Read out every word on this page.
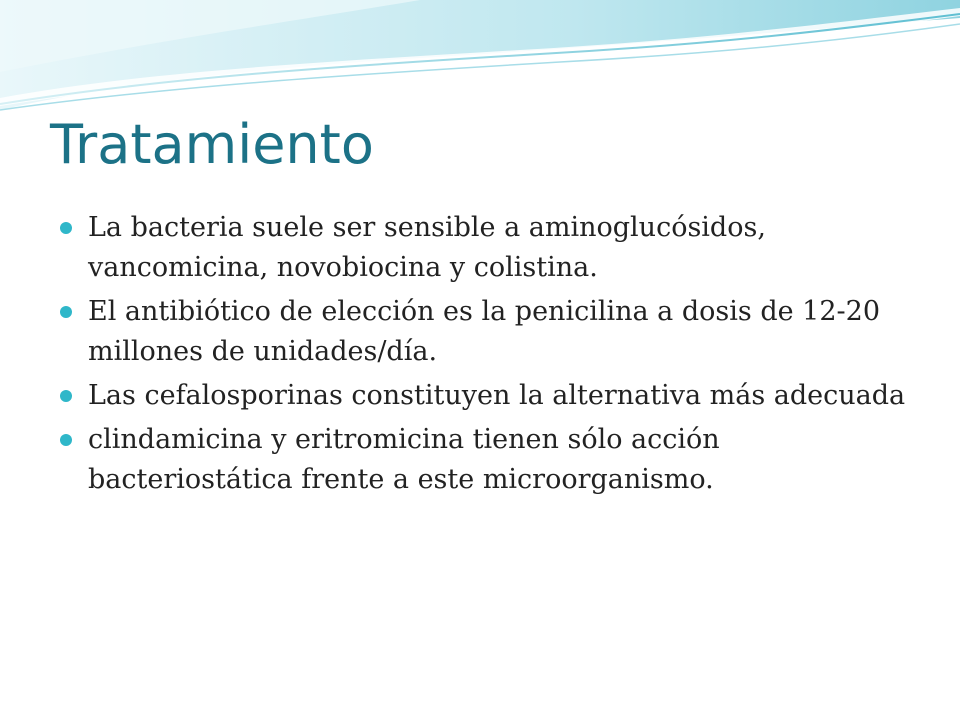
Tratamiento
La bacteria suele ser sensible a aminoglucósidos, vancomicina, novobiocina y colistina.
El antibiótico de elección es la penicilina a dosis de 12-20 millones de unidades/día.
Las cefalosporinas constituyen la alternativa más adecuada
clindamicina y eritromicina tienen sólo acción bacteriostática frente a este microorganismo.
